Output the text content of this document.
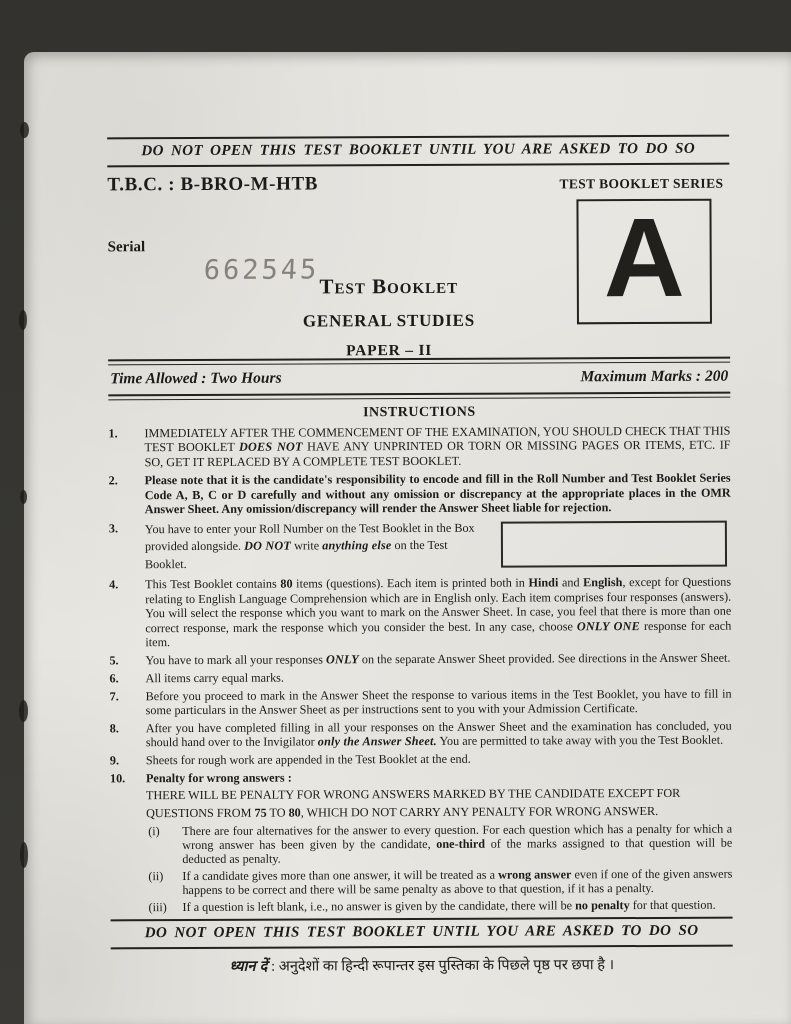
DO NOT OPEN THIS TEST BOOKLET UNTIL YOU ARE ASKED TO DO SO
T.B.C. : B-BRO-M-HTB	TEST BOOKLET SERIES
Serial
662545	A
Test Booklet
GENERAL STUDIES
PAPER – II
Time Allowed : Two Hours	Maximum Marks : 200
INSTRUCTIONS
1.	IMMEDIATELY AFTER THE COMMENCEMENT OF THE EXAMINATION, YOU SHOULD CHECK THAT THIS TEST BOOKLET DOES NOT HAVE ANY UNPRINTED OR TORN OR MISSING PAGES OR ITEMS, ETC. IF SO, GET IT REPLACED BY A COMPLETE TEST BOOKLET.
2.	Please note that it is the candidate's responsibility to encode and fill in the Roll Number and Test Booklet Series Code A, B, C or D carefully and without any omission or discrepancy at the appropriate places in the OMR Answer Sheet. Any omission/discrepancy will render the Answer Sheet liable for rejection.
3.	You have to enter your Roll Number on the Test Booklet in the Box provided alongside. DO NOT write anything else on the Test Booklet.
4.	This Test Booklet contains 80 items (questions). Each item is printed both in Hindi and English, except for Questions relating to English Language Comprehension which are in English only. Each item comprises four responses (answers). You will select the response which you want to mark on the Answer Sheet. In case, you feel that there is more than one correct response, mark the response which you consider the best. In any case, choose ONLY ONE response for each item.
5.	You have to mark all your responses ONLY on the separate Answer Sheet provided. See directions in the Answer Sheet.
6.	All items carry equal marks.
7.	Before you proceed to mark in the Answer Sheet the response to various items in the Test Booklet, you have to fill in some particulars in the Answer Sheet as per instructions sent to you with your Admission Certificate.
8.	After you have completed filling in all your responses on the Answer Sheet and the examination has concluded, you should hand over to the Invigilator only the Answer Sheet. You are permitted to take away with you the Test Booklet.
9.	Sheets for rough work are appended in the Test Booklet at the end.
10.	Penalty for wrong answers :
THERE WILL BE PENALTY FOR WRONG ANSWERS MARKED BY THE CANDIDATE EXCEPT FOR QUESTIONS FROM 75 TO 80, WHICH DO NOT CARRY ANY PENALTY FOR WRONG ANSWER.
(i)	There are four alternatives for the answer to every question. For each question which has a penalty for which a wrong answer has been given by the candidate, one-third of the marks assigned to that question will be deducted as penalty.
(ii)	If a candidate gives more than one answer, it will be treated as a wrong answer even if one of the given answers happens to be correct and there will be same penalty as above to that question, if it has a penalty.
(iii)	If a question is left blank, i.e., no answer is given by the candidate, there will be no penalty for that question.
DO NOT OPEN THIS TEST BOOKLET UNTIL YOU ARE ASKED TO DO SO
ध्यान दें : अनुदेशों का हिन्दी रूपान्तर इस पुस्तिका के पिछले पृष्ठ पर छपा है ।
